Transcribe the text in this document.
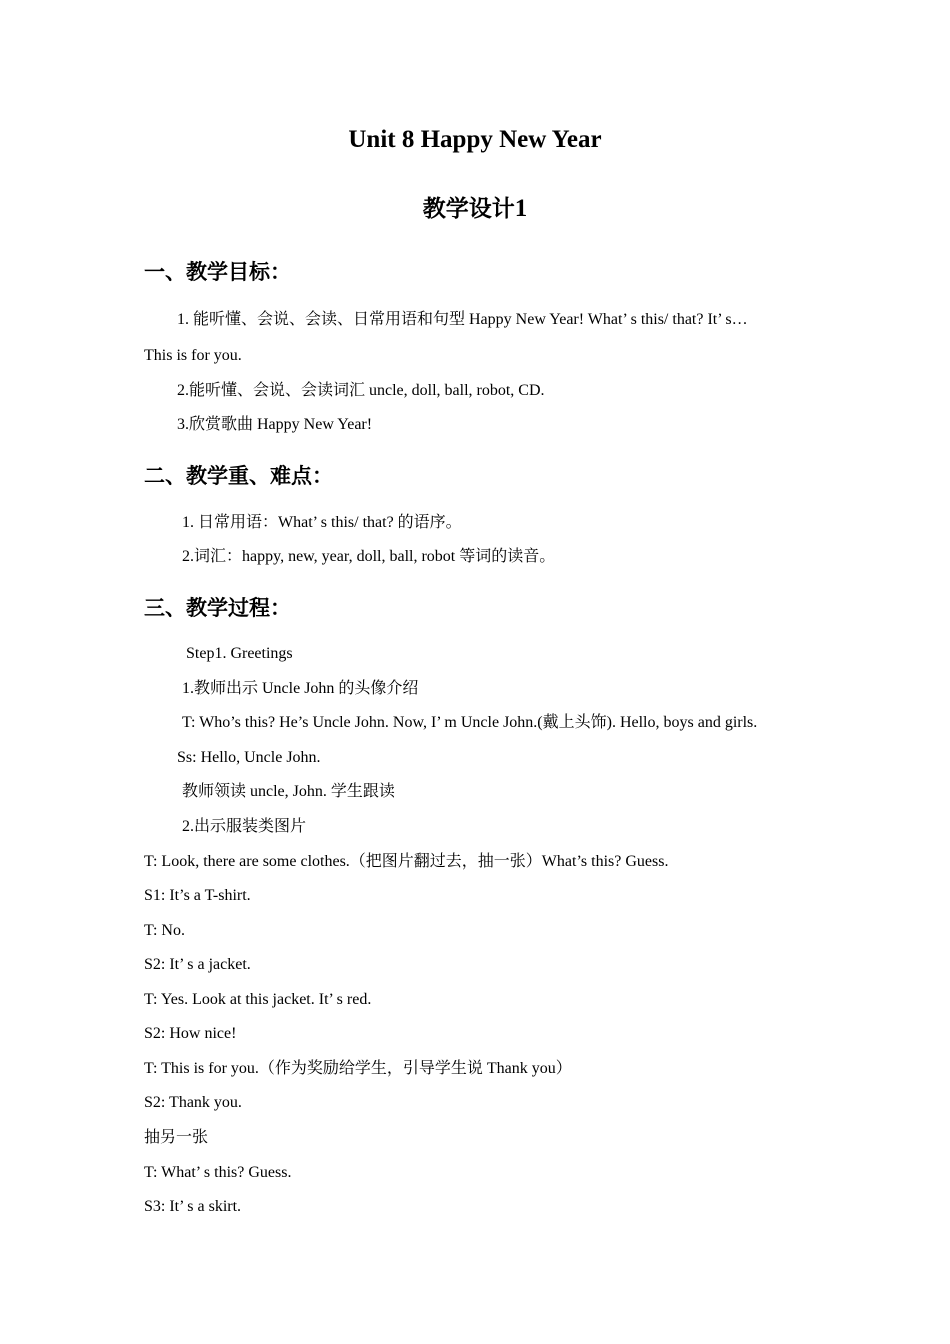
Unit 8 Happy New Year
教学设计1
一、教学目标：
1. 能听懂、会说、会读、日常用语和句型 Happy New Year! What’ s this/ that? It’ s…
This is for you.
2.能听懂、会说、会读词汇 uncle, doll, ball, robot, CD.
3.欣赏歌曲 Happy New Year!
二、教学重、难点：
1. 日常用语：What’ s this/ that? 的语序。
2.词汇：happy, new, year, doll, ball, robot 等词的读音。
三、教学过程：
Step1. Greetings
1.教师出示 Uncle John 的头像介绍
T: Who’s this? He’s Uncle John. Now, I’ m Uncle John.(戴上头饰). Hello, boys and girls.
Ss: Hello, Uncle John.
教师领读 uncle, John. 学生跟读
2.出示服装类图片
T: Look, there are some clothes.（把图片翻过去，抽一张）What’s this? Guess.
S1: It’s a T-shirt.
T: No.
S2: It’ s a jacket.
T: Yes. Look at this jacket. It’ s red.
S2: How nice!
T: This is for you.（作为奖励给学生，引导学生说 Thank you）
S2: Thank you.
抽另一张
T: What’ s this? Guess.
S3: It’ s a skirt.
